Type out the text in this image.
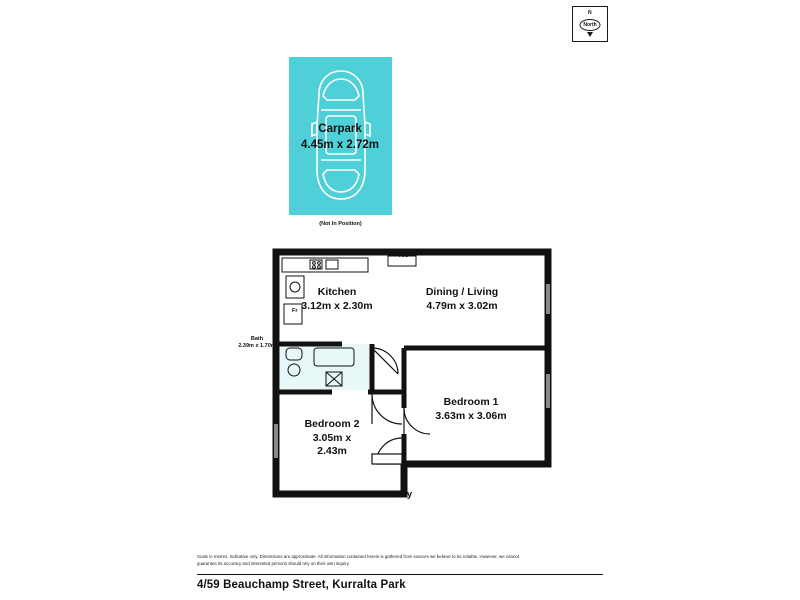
N
North
Carpark
4.45m x 2.72m
(Not In Position)
Kitchen
3.12m x 2.30m
Dining / Living
4.79m x 3.02m
Bedroom 1
3.63m x 3.06m
Bedroom 2
3.05m x
2.43m
Bath
2.39m x 1.70m
A/C
Fr
Entry
Scale in metres. Indicative only. Dimensions are approximate. All information contained herein is gathered from sources we believe to be reliable. However, we cannot guarantee its accuracy and interested persons should rely on their own inquiry.
4/59 Beauchamp Street, Kurralta Park
